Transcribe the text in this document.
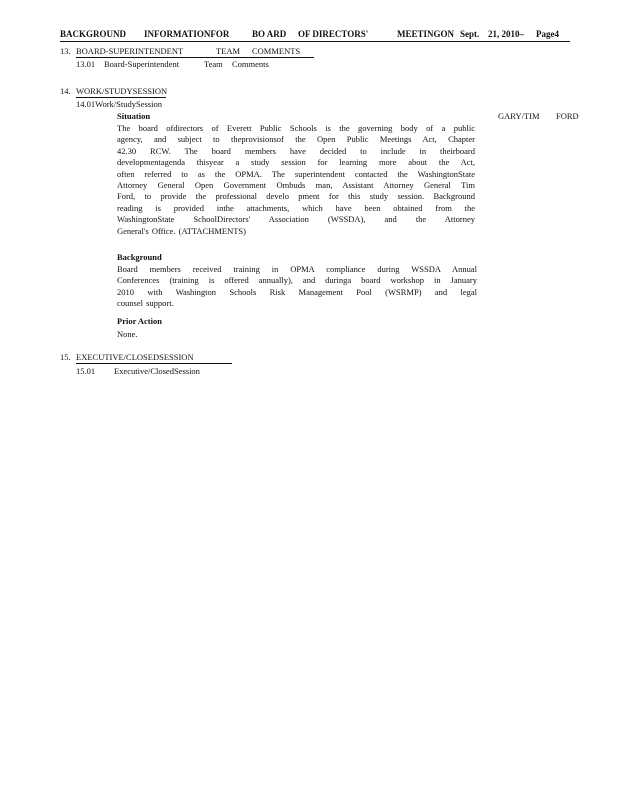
BACKGROUND INFORMATIONFOR	BO ARD OF DIRECTORS'	MEETINGON Sept. 21, 2010– Page4
13. BOARD-SUPERINTENDENT	TEAM COMMENTS
13.01 Board-Superintendent	Team Comments
14. WORK/STUDYSESSION
14.01Work/StudySession
Situation	GARY/TIM FORD
The board ofdirectors of Everett Public Schools is the governing body of a public
agency, and subject to theprovisionsof the Open Public Meetings Act, Chapter
42.30 RCW. The board members have decided to include in theirboard
developmentagenda thisyear a study session for learning more about the Act,
often referred to as the OPMA. The superintendent contacted the WashingtonState
Attorney General Open Government Ombuds man, Assistant Attorney General Tim
Ford, to provide the professional develo pment for this study session. Background
reading is provided inthe attachments, which have been obtained from the
WashingtonState SchoolDirectors' Association (WSSDA), and the Attorney
General's Office. (ATTACHMENTS)
Background
Board members received training in OPMA compliance during WSSDA Annual
Conferences (training is offered annually), and duringa board workshop in January
2010 with Washington Schools Risk Management Pool (WSRMP) and legal
counsel support.
Prior Action
None.
15. EXECUTIVE/CLOSEDSESSION
15.01 Executive/ClosedSession
